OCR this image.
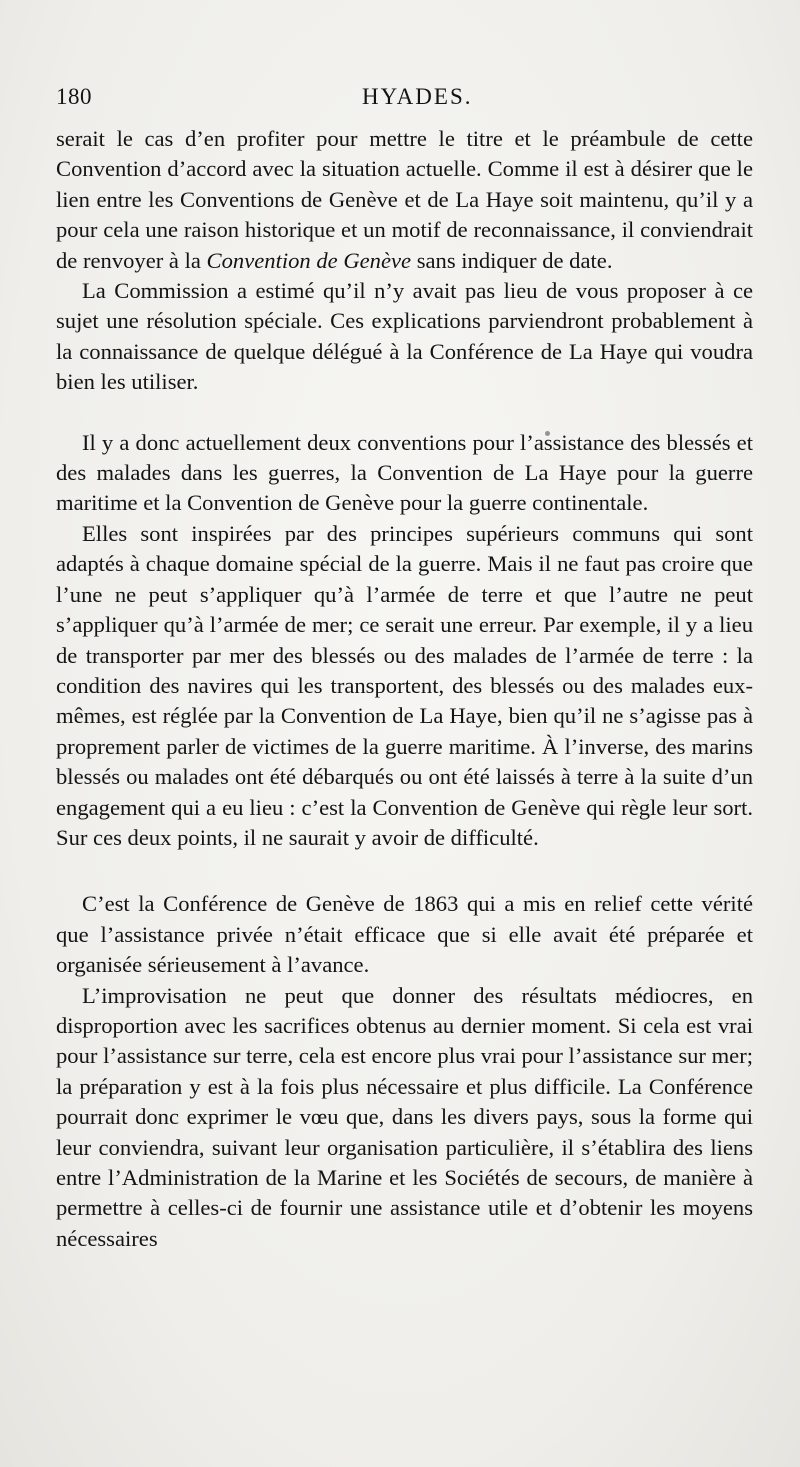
180	HYADES.

serait le cas d’en profiter pour mettre le titre et le préambule de cette Convention d’accord avec la situation actuelle. Comme il est à désirer que le lien entre les Conventions de Genève et de La Haye soit maintenu, qu’il y a pour cela une raison historique et un motif de reconnaissance, il conviendrait de renvoyer à la Convention de Genève sans indiquer de date.

La Commission a estimé qu’il n’y avait pas lieu de vous proposer à ce sujet une résolution spéciale. Ces explications parviendront probablement à la connaissance de quelque délégué à la Conférence de La Haye qui voudra bien les utiliser.

Il y a donc actuellement deux conventions pour l’assistance des blessés et des malades dans les guerres, la Convention de La Haye pour la guerre maritime et la Convention de Genève pour la guerre continentale.

Elles sont inspirées par des principes supérieurs communs qui sont adaptés à chaque domaine spécial de la guerre. Mais il ne faut pas croire que l’une ne peut s’appliquer qu’à l’armée de terre et que l’autre ne peut s’appliquer qu’à l’armée de mer; ce serait une erreur. Par exemple, il y a lieu de transporter par mer des blessés ou des malades de l’armée de terre : la condition des navires qui les transportent, des blessés ou des malades eux-mêmes, est réglée par la Convention de La Haye, bien qu’il ne s’agisse pas à proprement parler de victimes de la guerre maritime. À l’inverse, des marins blessés ou malades ont été débarqués ou ont été laissés à terre à la suite d’un engagement qui a eu lieu : c’est la Convention de Genève qui règle leur sort. Sur ces deux points, il ne saurait y avoir de difficulté.

C’est la Conférence de Genève de 1863 qui a mis en relief cette vérité que l’assistance privée n’était efficace que si elle avait été préparée et organisée sérieusement à l’avance.

L’improvisation ne peut que donner des résultats médiocres, en disproportion avec les sacrifices obtenus au dernier moment. Si cela est vrai pour l’assistance sur terre, cela est encore plus vrai pour l’assistance sur mer; la préparation y est à la fois plus nécessaire et plus difficile. La Conférence pourrait donc exprimer le vœu que, dans les divers pays, sous la forme qui leur conviendra, suivant leur organisation particulière, il s’établira des liens entre l’Administration de la Marine et les Sociétés de secours, de manière à permettre à celles-ci de fournir une assistance utile et d’obtenir les moyens nécessaires
